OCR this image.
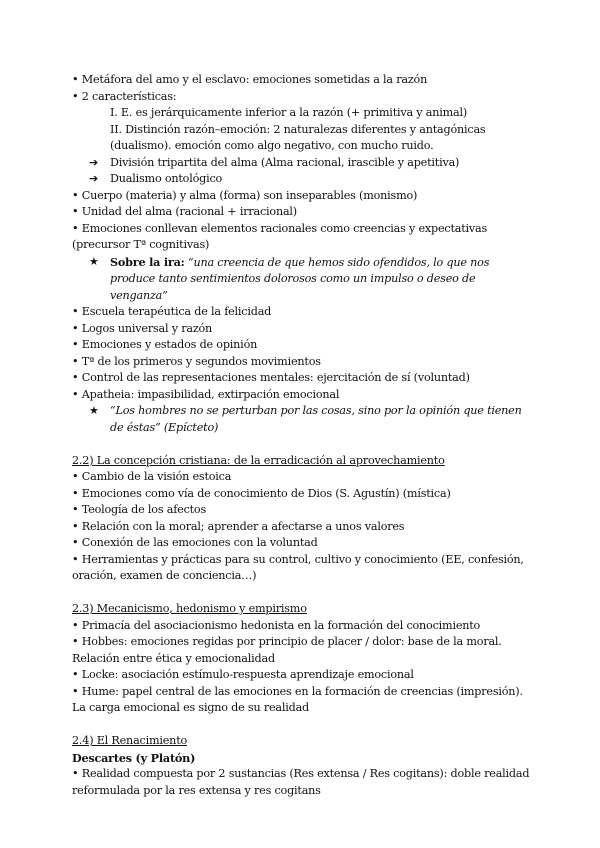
• Metáfora del amo y el esclavo: emociones sometidas a la razón
• 2 características:
I. E. es jerárquicamente inferior a la razón (+ primitiva y animal)
II. Distinción razón–emoción: 2 naturalezas diferentes y antagónicas (dualismo). emoción como algo negativo, con mucho ruido.
➔ División tripartita del alma (Alma racional, irascible y apetitiva)
➔ Dualismo ontológico
• Cuerpo (materia) y alma (forma) son inseparables (monismo)
• Unidad del alma (racional + irracional)
• Emociones conllevan elementos racionales como creencias y expectativas (precursor Tª cognitivas)
★ Sobre la ira: “una creencia de que hemos sido ofendidos, lo que nos produce tanto sentimientos dolorosos como un impulso o deseo de venganza”
• Escuela terapéutica de la felicidad
• Logos universal y razón
• Emociones y estados de opinión
• Tª de los primeros y segundos movimientos
• Control de las representaciones mentales: ejercitación de sí (voluntad)
• Apatheia: impasibilidad, extirpación emocional
★ “Los hombres no se perturban por las cosas, sino por la opinión que tienen de éstas” (Epícteto)
2.2) La concepción cristiana: de la erradicación al aprovechamiento
• Cambio de la visión estoica
• Emociones como vía de conocimiento de Dios (S. Agustín) (mística)
• Teología de los afectos
• Relación con la moral; aprender a afectarse a unos valores
• Conexión de las emociones con la voluntad
• Herramientas y prácticas para su control, cultivo y conocimiento (EE, confesión, oración, examen de conciencia…)
2.3) Mecanicismo, hedonismo y empirismo
• Primacía del asociacionismo hedonista en la formación del conocimiento
• Hobbes: emociones regidas por principio de placer / dolor: base de la moral. Relación entre ética y emocionalidad
• Locke: asociación estímulo-respuesta aprendizaje emocional
• Hume: papel central de las emociones en la formación de creencias (impresión). La carga emocional es signo de su realidad
2.4) El Renacimiento
Descartes (y Platón)
• Realidad compuesta por 2 sustancias (Res extensa / Res cogitans): doble realidad reformulada por la res extensa y res cogitans
